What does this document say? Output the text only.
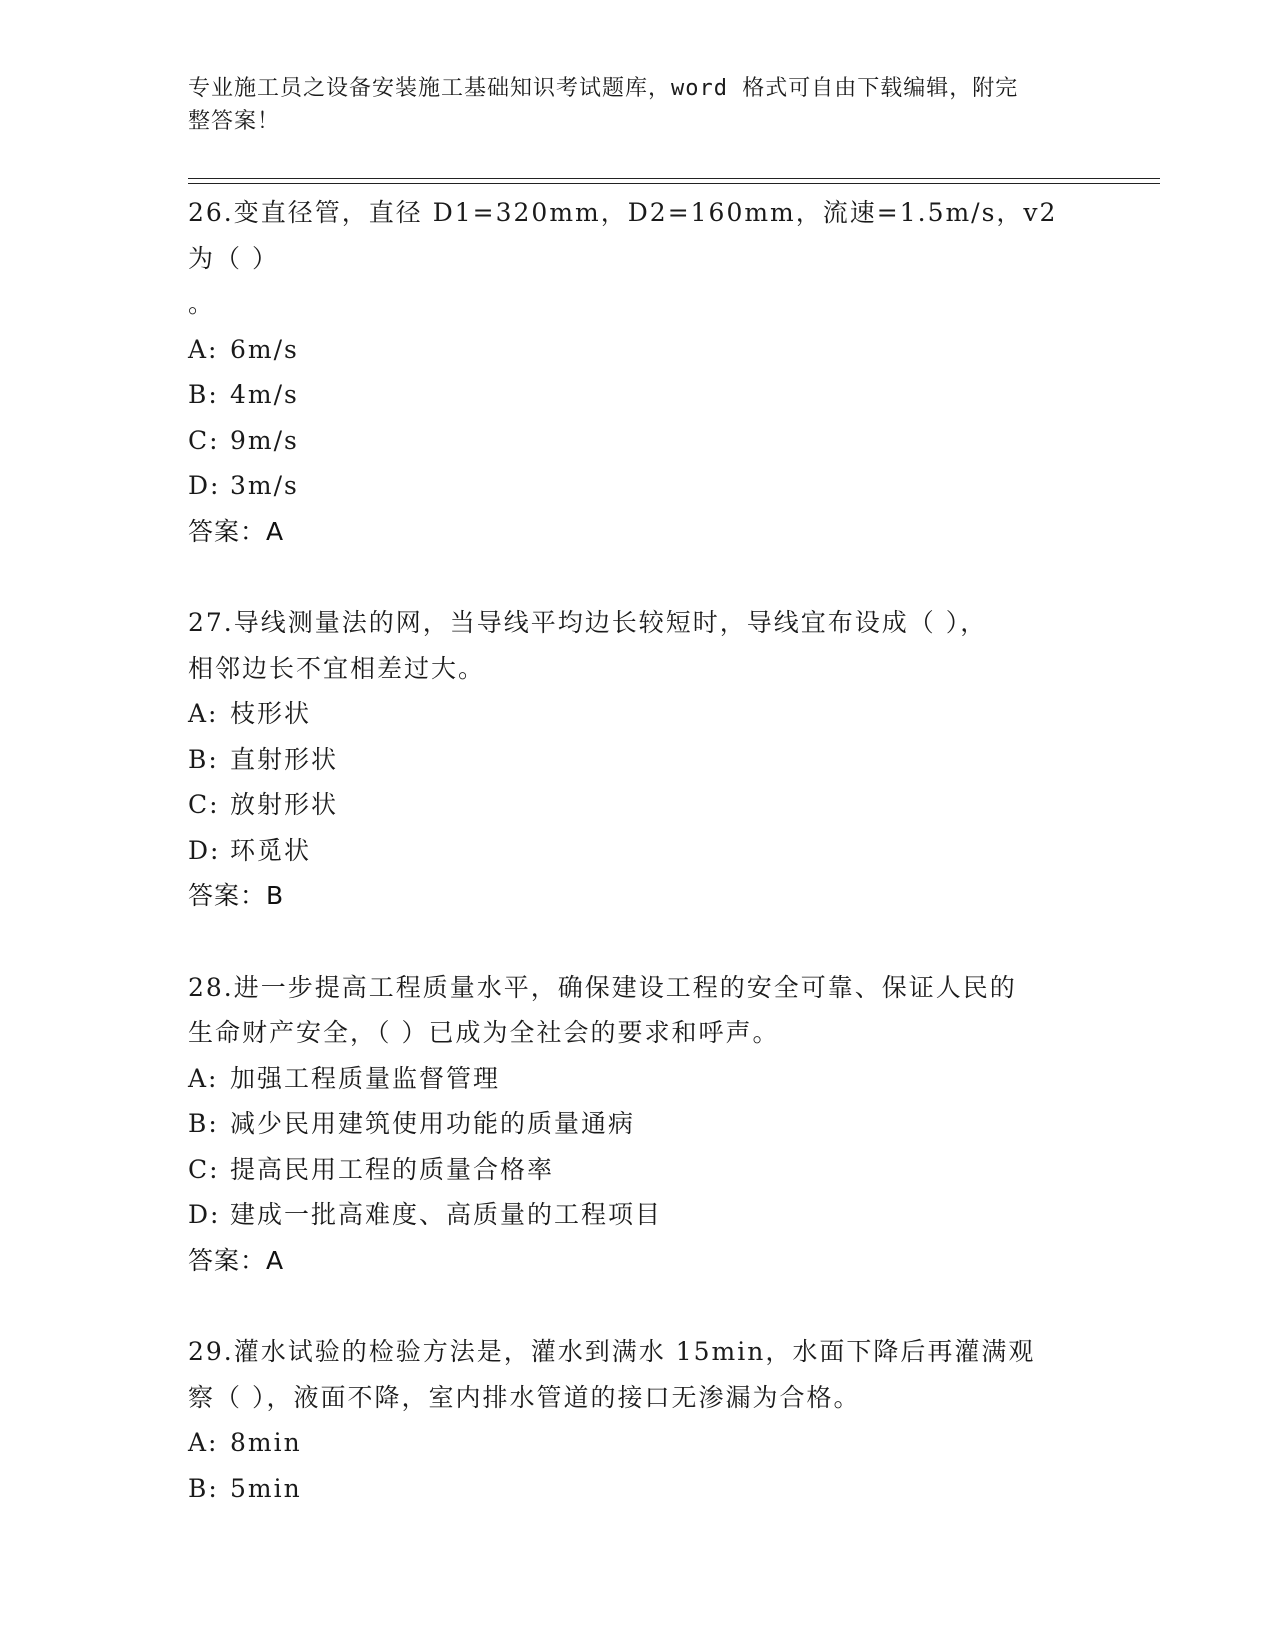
专业施工员之设备安装施工基础知识考试题库，word 格式可自由下载编辑，附完
整答案！
26.变直径管，直径 D1=320mm，D2=160mm，流速=1.5m/s，v2 为（ ）
。
A: 6m/s
B: 4m/s
C: 9m/s
D: 3m/s
答案：A
27.导线测量法的网，当导线平均边长较短时，导线宜布设成（ ），
相邻边长不宜相差过大。
A: 枝形状
B: 直射形状
C: 放射形状
D: 环觅状
答案：B
28.进一步提高工程质量水平，确保建设工程的安全可靠、保证人民的
生命财产安全，（ ）已成为全社会的要求和呼声。
A: 加强工程质量监督管理
B: 减少民用建筑使用功能的质量通病
C: 提高民用工程的质量合格率
D: 建成一批高难度、高质量的工程项目
答案：A
29.灌水试验的检验方法是，灌水到满水 15min，水面下降后再灌满观
察（ ），液面不降，室内排水管道的接口无渗漏为合格。
A: 8min
B: 5min
